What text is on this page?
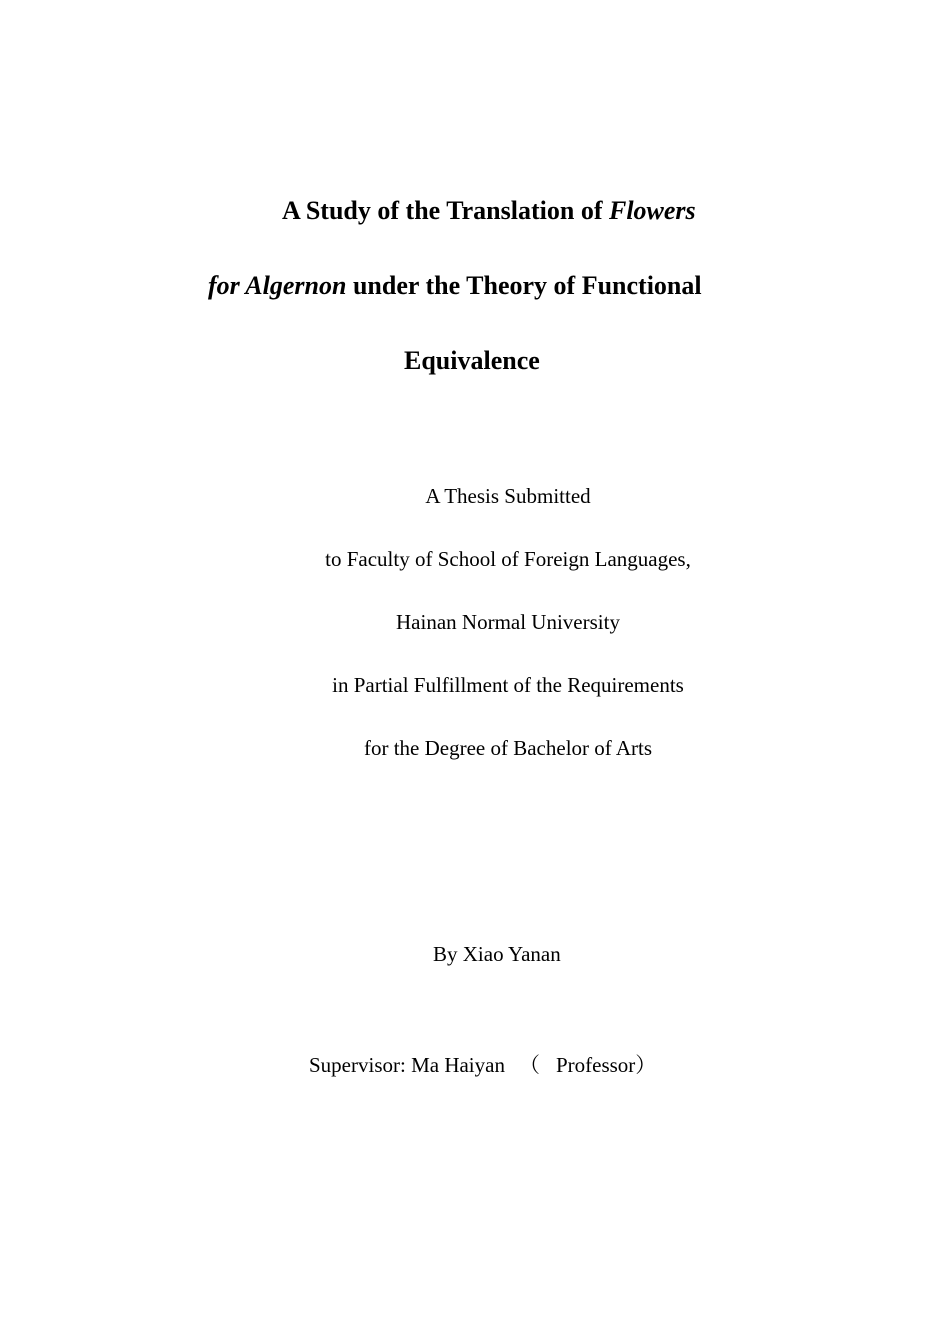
A Study of the Translation of Flowers
for Algernon under the Theory of Functional
Equivalence
A Thesis Submitted
to Faculty of School of Foreign Languages,
Hainan Normal University
in Partial Fulfillment of the Requirements
for the Degree of Bachelor of Arts
By Xiao Yanan
Supervisor: Ma Haiyan （ Professor）
